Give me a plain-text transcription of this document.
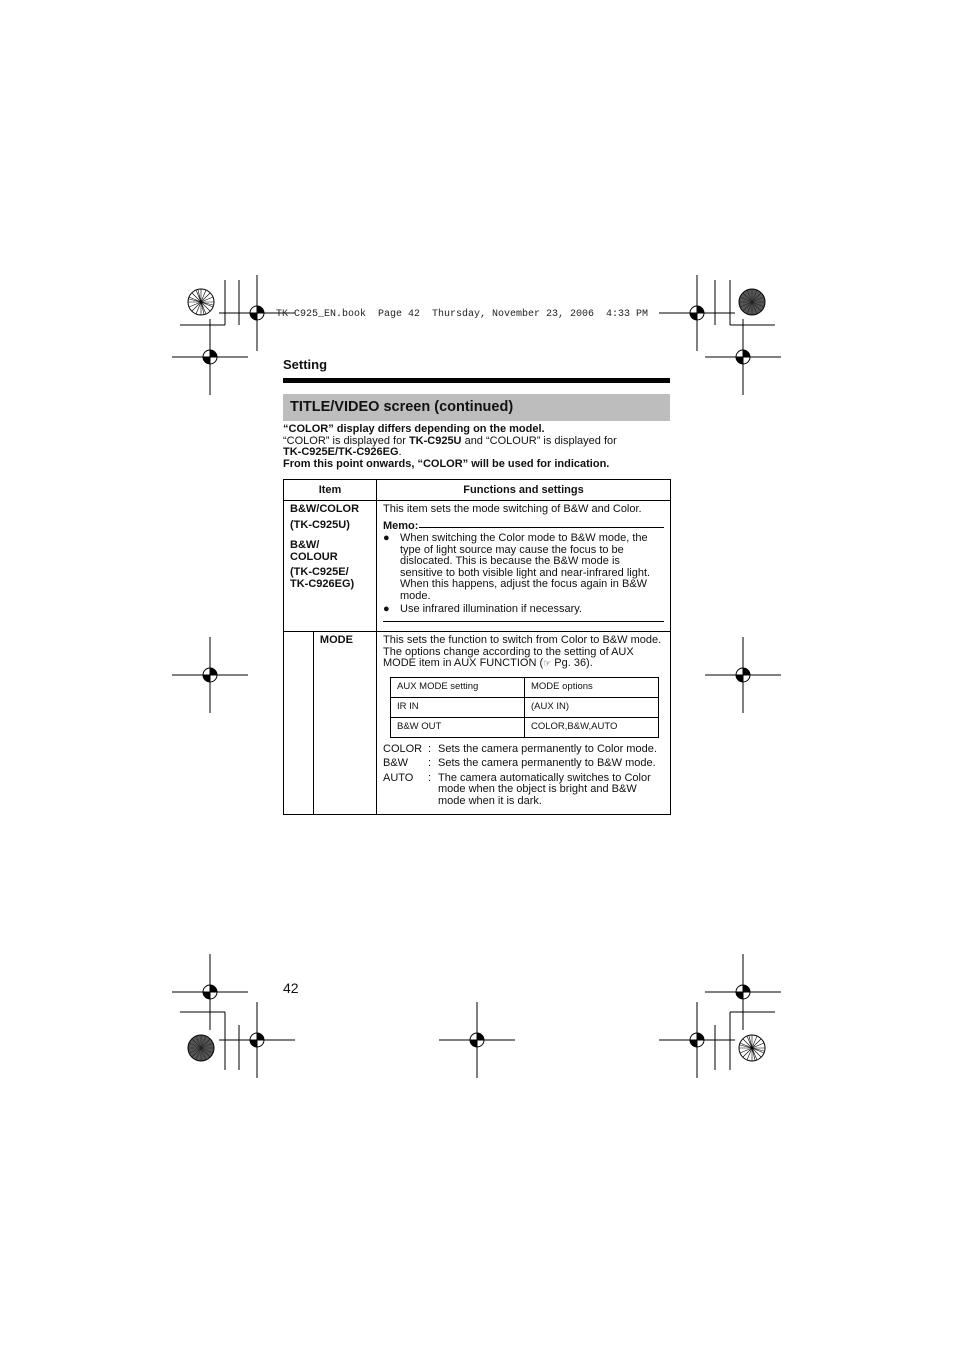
TK-C925_EN.book  Page 42  Thursday, November 23, 2006  4:33 PM
Setting
TITLE/VIDEO screen (continued)
“COLOR” display differs depending on the model.
“COLOR” is displayed for TK-C925U and “COLOUR” is displayed for
TK-C925E/TK-C926EG.
From this point onwards, “COLOR” will be used for indication.
Item	Functions and settings

B&W/COLOR
(TK-C925U)
B&W/
COLOUR
(TK-C925E/
TK-C926EG)

This item sets the mode switching of B&W and Color.
Memo:
● When switching the Color mode to B&W mode, the type of light source may cause the focus to be dislocated. This is because the B&W mode is sensitive to both visible light and near-infrared light. When this happens, adjust the focus again in B&W mode.
● Use infrared illumination if necessary.

	MODE	This sets the function to switch from Color to B&W mode. The options change according to the setting of AUX MODE item in AUX FUNCTION (☞ Pg. 36).
AUX MODE setting	MODE options
IR IN	(AUX IN)
B&W OUT	COLOR,B&W,AUTO
COLOR : Sets the camera permanently to Color mode.
B&W	: Sets the camera permanently to B&W mode.
AUTO	: The camera automatically switches to Color mode when the object is bright and B&W mode when it is dark.
42
